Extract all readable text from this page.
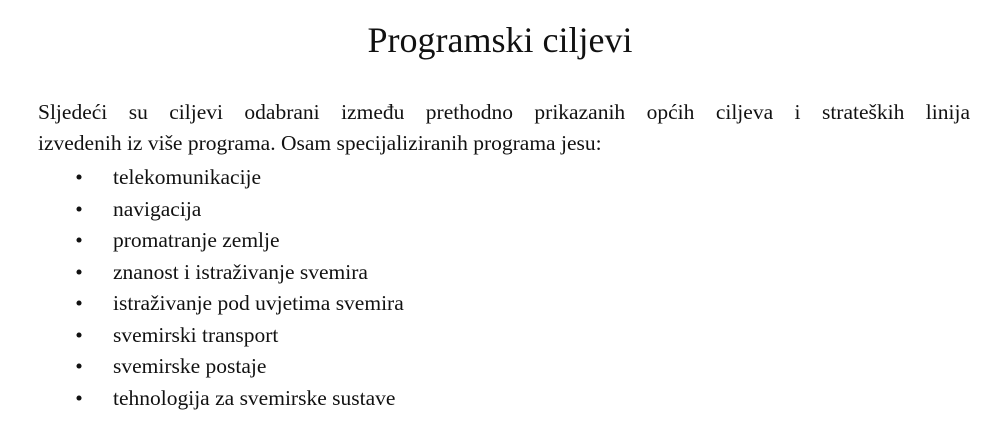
Programski ciljevi

Sljedeći su ciljevi odabrani između prethodno prikazanih općih ciljeva i strateških linija
izvedenih iz više programa. Osam specijaliziranih programa jesu:

• telekomunikacije
• navigacija
• promatranje zemlje
• znanost i istraživanje svemira
• istraživanje pod uvjetima svemira
• svemirski transport
• svemirske postaje
• tehnologija za svemirske sustave
